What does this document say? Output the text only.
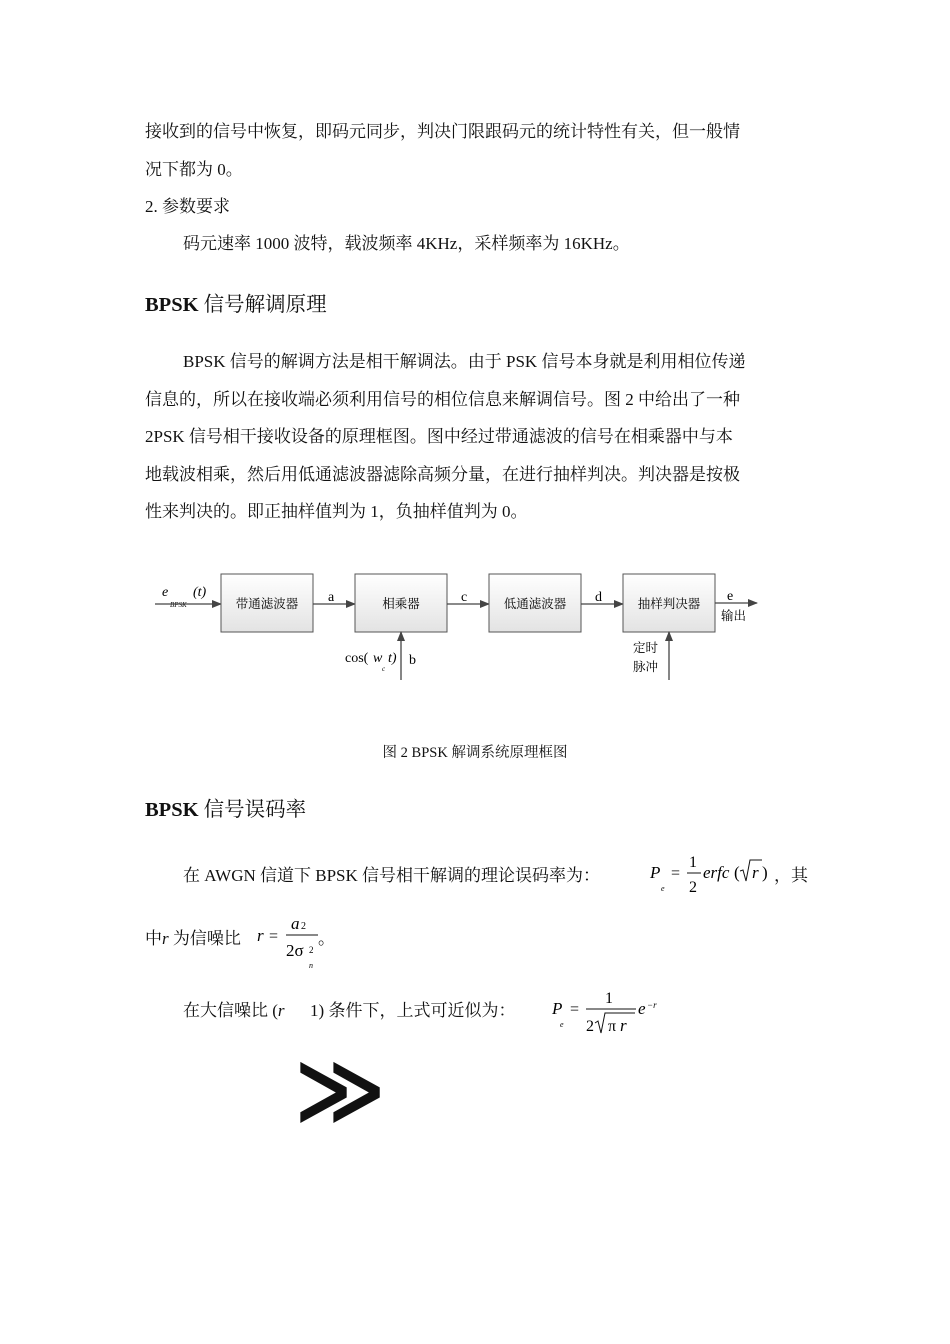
接收到的信号中恢复，即码元同步，判决门限跟码元的统计特性有关，但一般情
况下都为 0。

2. 参数要求

码元速率 1000 波特，载波频率 4KHz，采样频率为 16KHz。

BPSK 信号解调原理

BPSK 信号的解调方法是相干解调法。由于 PSK 信号本身就是利用相位传递
信息的，所以在接收端必须利用信号的相位信息来解调信号。图 2 中给出了一种
2PSK 信号相干接收设备的原理框图。图中经过带通滤波的信号在相乘器中与本
地载波相乘，然后用低通滤波器滤除高频分量，在进行抽样判决。判决器是按极
性来判决的。即正抽样值判为 1，负抽样值判为 0。

e
BPSK
(t)
带通滤波器 a	相乘器	c	低通滤波器 d	抽样判决器 e
输出
cos( w
c
t) b
定时
脉冲
图 2 BPSK 解调系统原理框图
BPSK 信号误码率
在 AWGN 信道下 BPSK 信号相干解调的理论误码率为：	P
e
=
1
2
erfc ( r ) ，其
中r 为信噪比 r =
a 2
2σ 2
n
。
在大信噪比 (r      1) 条件下，上式可近似为： P
e
=
1
2 π r
e −r
≫
